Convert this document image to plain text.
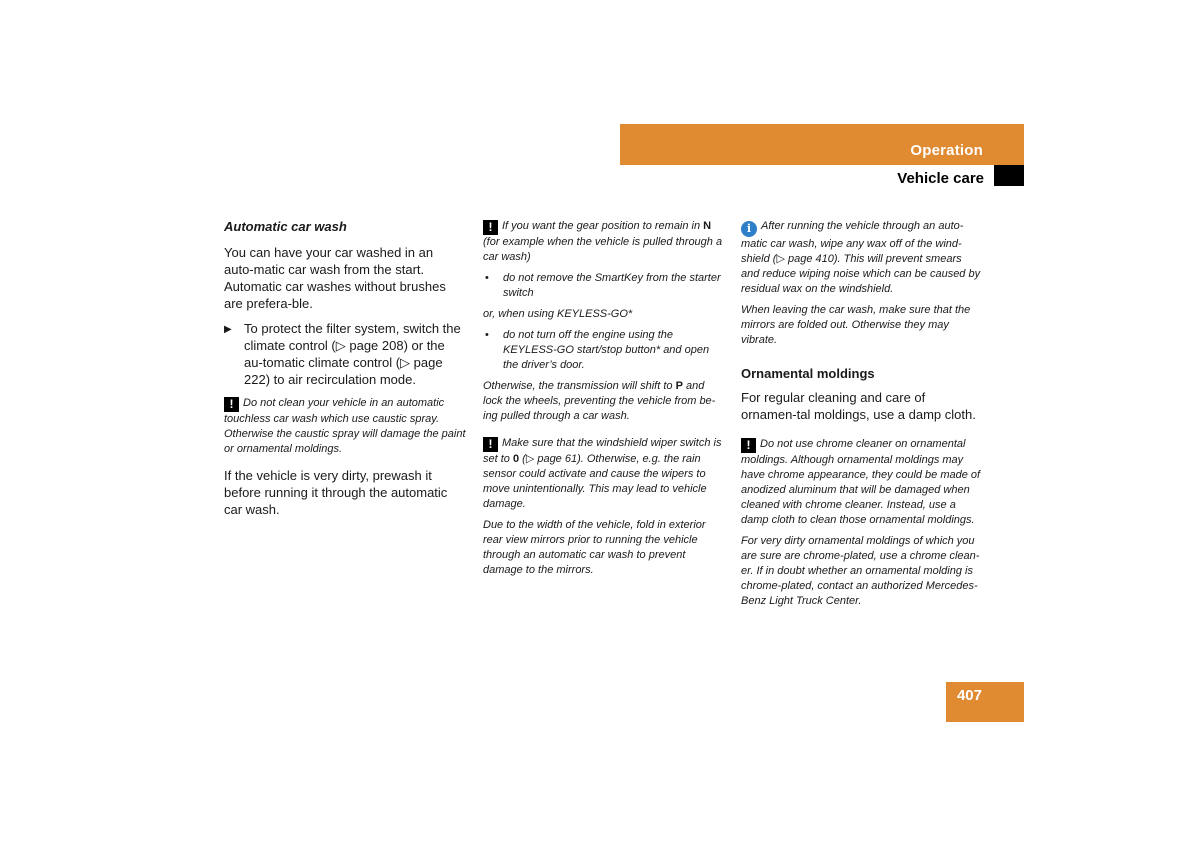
Operation
Vehicle care

Automatic car wash

You can have your car washed in an auto-matic car wash from the start. Automatic car washes without brushes are prefera-ble.

▶ To protect the filter system, switch the climate control (▷ page 208) or the au-tomatic climate control (▷ page 222) to air recirculation mode.

! Do not clean your vehicle in an automatic touchless car wash which use caustic spray. Otherwise the caustic spray will damage the paint or ornamental moldings.

If the vehicle is very dirty, prewash it before running it through the automatic car wash.

! If you want the gear position to remain in N (for example when the vehicle is pulled through a car wash)

• do not remove the SmartKey from the starter switch

or, when using KEYLESS-GO*

• do not turn off the engine using the KEYLESS-GO start/stop button* and open the driver’s door.

Otherwise, the transmission will shift to P and lock the wheels, preventing the vehicle from be-ing pulled through a car wash.

! Make sure that the windshield wiper switch is set to 0 (▷ page 61). Otherwise, e.g. the rain sensor could activate and cause the wipers to move unintentionally. This may lead to vehicle damage.

Due to the width of the vehicle, fold in exterior rear view mirrors prior to running the vehicle through an automatic car wash to prevent damage to the mirrors.

i After running the vehicle through an auto-matic car wash, wipe any wax off of the wind-shield (▷ page 410). This will prevent smears and reduce wiping noise which can be caused by residual wax on the windshield.

When leaving the car wash, make sure that the mirrors are folded out. Otherwise they may vibrate.

Ornamental moldings

For regular cleaning and care of ornamen-tal moldings, use a damp cloth.

! Do not use chrome cleaner on ornamental moldings. Although ornamental moldings may have chrome appearance, they could be made of anodized aluminum that will be damaged when cleaned with chrome cleaner. Instead, use a damp cloth to clean those ornamental moldings.

For very dirty ornamental moldings of which you are sure are chrome-plated, use a chrome clean-er. If in doubt whether an ornamental molding is chrome-plated, contact an authorized Mercedes-Benz Light Truck Center.

407
